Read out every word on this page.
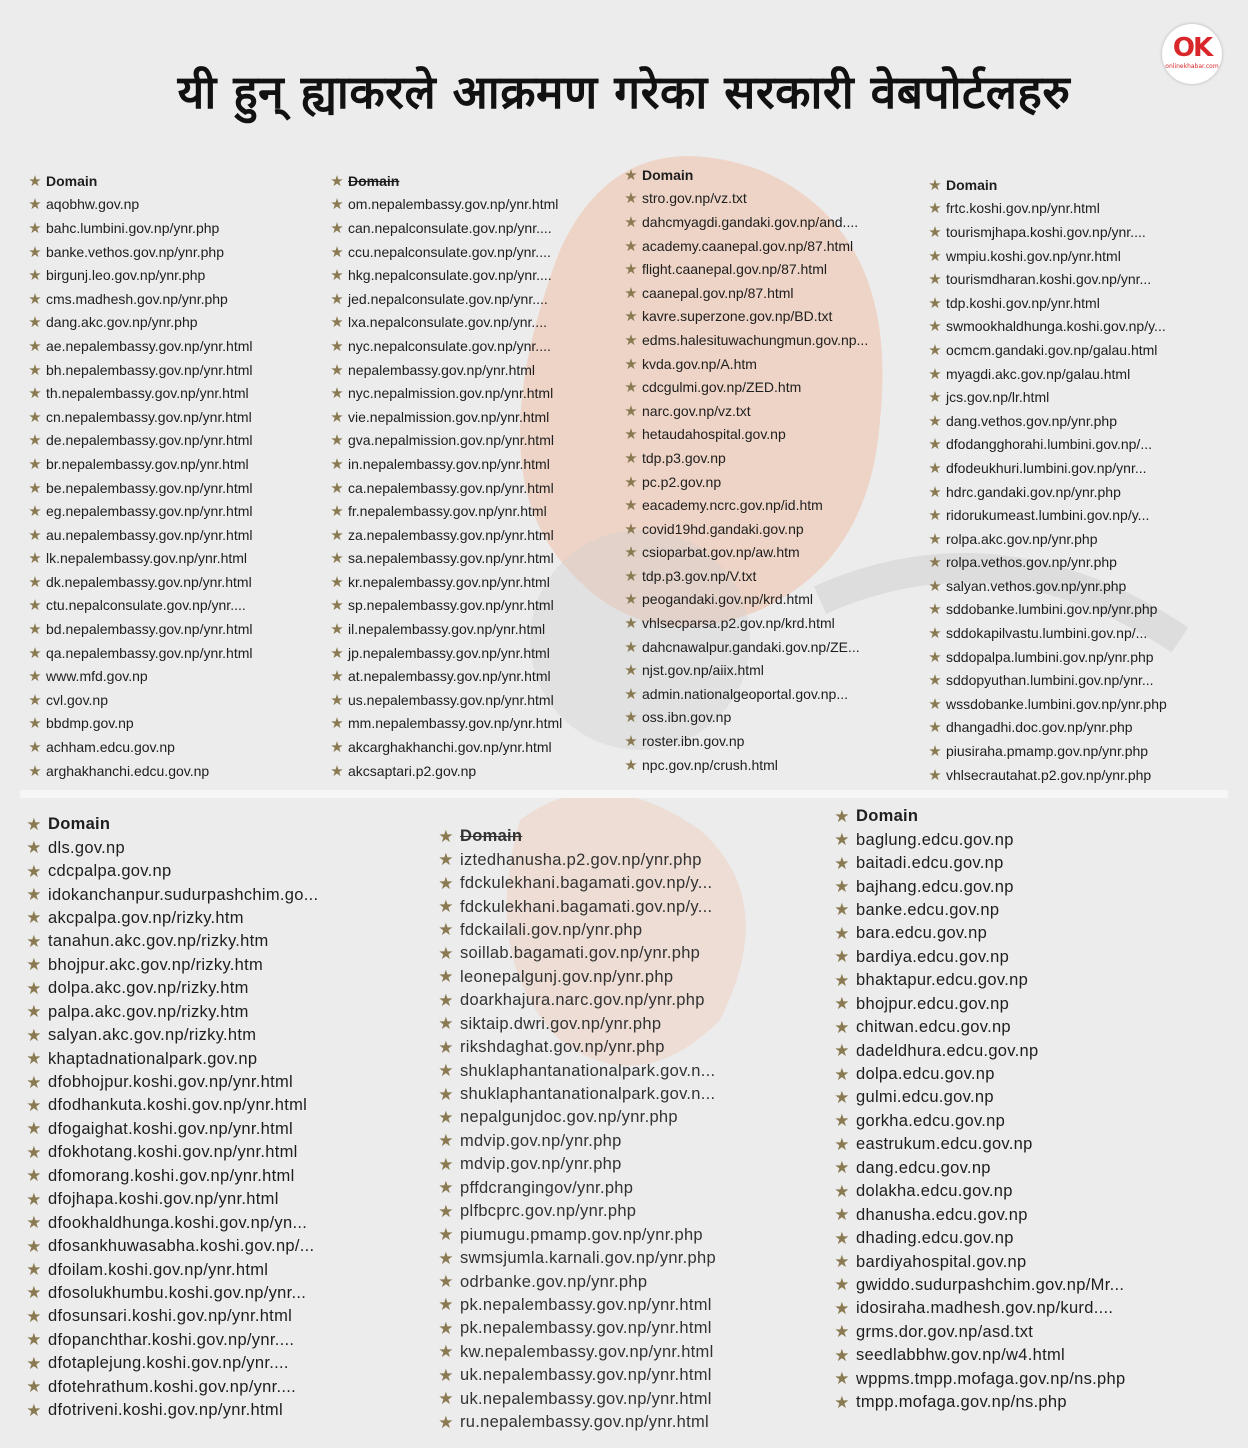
यी हुन् ह्याकरले आक्रमण गरेका सरकारी वेबपोर्टलहरु
OK
onlinekhabar.com
★ Domain
★ aqobhw.gov.np
★ bahc.lumbini.gov.np/ynr.php
★ banke.vethos.gov.np/ynr.php
★ birgunj.leo.gov.np/ynr.php
★ cms.madhesh.gov.np/ynr.php
★ dang.akc.gov.np/ynr.php
★ ae.nepalembassy.gov.np/ynr.html
★ bh.nepalembassy.gov.np/ynr.html
★ th.nepalembassy.gov.np/ynr.html
★ cn.nepalembassy.gov.np/ynr.html
★ de.nepalembassy.gov.np/ynr.html
★ br.nepalembassy.gov.np/ynr.html
★ be.nepalembassy.gov.np/ynr.html
★ eg.nepalembassy.gov.np/ynr.html
★ au.nepalembassy.gov.np/ynr.html
★ lk.nepalembassy.gov.np/ynr.html
★ dk.nepalembassy.gov.np/ynr.html
★ ctu.nepalconsulate.gov.np/ynr....
★ bd.nepalembassy.gov.np/ynr.html
★ qa.nepalembassy.gov.np/ynr.html
★ www.mfd.gov.np
★ cvl.gov.np
★ bbdmp.gov.np
★ achham.edcu.gov.np
★ arghakhanchi.edcu.gov.np
★ Domain
★ om.nepalembassy.gov.np/ynr.html
★ can.nepalconsulate.gov.np/ynr....
★ ccu.nepalconsulate.gov.np/ynr....
★ hkg.nepalconsulate.gov.np/ynr....
★ jed.nepalconsulate.gov.np/ynr....
★ lxa.nepalconsulate.gov.np/ynr....
★ nyc.nepalconsulate.gov.np/ynr....
★ nepalembassy.gov.np/ynr.html
★ nyc.nepalmission.gov.np/ynr.html
★ vie.nepalmission.gov.np/ynr.html
★ gva.nepalmission.gov.np/ynr.html
★ in.nepalembassy.gov.np/ynr.html
★ ca.nepalembassy.gov.np/ynr.html
★ fr.nepalembassy.gov.np/ynr.html
★ za.nepalembassy.gov.np/ynr.html
★ sa.nepalembassy.gov.np/ynr.html
★ kr.nepalembassy.gov.np/ynr.html
★ sp.nepalembassy.gov.np/ynr.html
★ il.nepalembassy.gov.np/ynr.html
★ jp.nepalembassy.gov.np/ynr.html
★ at.nepalembassy.gov.np/ynr.html
★ us.nepalembassy.gov.np/ynr.html
★ mm.nepalembassy.gov.np/ynr.html
★ akcarghakhanchi.gov.np/ynr.html
★ akcsaptari.p2.gov.np
★ Domain
★ stro.gov.np/vz.txt
★ dahcmyagdi.gandaki.gov.np/and....
★ academy.caanepal.gov.np/87.html
★ flight.caanepal.gov.np/87.html
★ caanepal.gov.np/87.html
★ kavre.superzone.gov.np/BD.txt
★ edms.halesituwachungmun.gov.np...
★ kvda.gov.np/A.htm
★ cdcgulmi.gov.np/ZED.htm
★ narc.gov.np/vz.txt
★ hetaudahospital.gov.np
★ tdp.p3.gov.np
★ pc.p2.gov.np
★ eacademy.ncrc.gov.np/id.htm
★ covid19hd.gandaki.gov.np
★ csioparbat.gov.np/aw.htm
★ tdp.p3.gov.np/V.txt
★ peogandaki.gov.np/krd.html
★ vhlsecparsa.p2.gov.np/krd.html
★ dahcnawalpur.gandaki.gov.np/ZE...
★ njst.gov.np/aiix.html
★ admin.nationalgeoportal.gov.np...
★ oss.ibn.gov.np
★ roster.ibn.gov.np
★ npc.gov.np/crush.html
★ Domain
★ frtc.koshi.gov.np/ynr.html
★ tourismjhapa.koshi.gov.np/ynr....
★ wmpiu.koshi.gov.np/ynr.html
★ tourismdharan.koshi.gov.np/ynr...
★ tdp.koshi.gov.np/ynr.html
★ swmookhaldhunga.koshi.gov.np/y...
★ ocmcm.gandaki.gov.np/galau.html
★ myagdi.akc.gov.np/galau.html
★ jcs.gov.np/lr.html
★ dang.vethos.gov.np/ynr.php
★ dfodangghorahi.lumbini.gov.np/...
★ dfodeukhuri.lumbini.gov.np/ynr...
★ hdrc.gandaki.gov.np/ynr.php
★ ridorukumeast.lumbini.gov.np/y...
★ rolpa.akc.gov.np/ynr.php
★ rolpa.vethos.gov.np/ynr.php
★ salyan.vethos.gov.np/ynr.php
★ sddobanke.lumbini.gov.np/ynr.php
★ sddokapilvastu.lumbini.gov.np/...
★ sddopalpa.lumbini.gov.np/ynr.php
★ sddopyuthan.lumbini.gov.np/ynr...
★ wssdobanke.lumbini.gov.np/ynr.php
★ dhangadhi.doc.gov.np/ynr.php
★ piusiraha.pmamp.gov.np/ynr.php
★ vhlsecrautahat.p2.gov.np/ynr.php
★ Domain
★ dls.gov.np
★ cdcpalpa.gov.np
★ idokanchanpur.sudurpashchim.go...
★ akcpalpa.gov.np/rizky.htm
★ tanahun.akc.gov.np/rizky.htm
★ bhojpur.akc.gov.np/rizky.htm
★ dolpa.akc.gov.np/rizky.htm
★ palpa.akc.gov.np/rizky.htm
★ salyan.akc.gov.np/rizky.htm
★ khaptadnationalpark.gov.np
★ dfobhojpur.koshi.gov.np/ynr.html
★ dfodhankuta.koshi.gov.np/ynr.html
★ dfogaighat.koshi.gov.np/ynr.html
★ dfokhotang.koshi.gov.np/ynr.html
★ dfomorang.koshi.gov.np/ynr.html
★ dfojhapa.koshi.gov.np/ynr.html
★ dfookhaldhunga.koshi.gov.np/yn...
★ dfosankhuwasabha.koshi.gov.np/...
★ dfoilam.koshi.gov.np/ynr.html
★ dfosolukhumbu.koshi.gov.np/ynr...
★ dfosunsari.koshi.gov.np/ynr.html
★ dfopanchthar.koshi.gov.np/ynr....
★ dfotaplejung.koshi.gov.np/ynr....
★ dfotehrathum.koshi.gov.np/ynr....
★ dfotriveni.koshi.gov.np/ynr.html
★ Domain
★ iztedhanusha.p2.gov.np/ynr.php
★ fdckulekhani.bagamati.gov.np/y...
★ fdckulekhani.bagamati.gov.np/y...
★ fdckailali.gov.np/ynr.php
★ soillab.bagamati.gov.np/ynr.php
★ leonepalgunj.gov.np/ynr.php
★ doarkhajura.narc.gov.np/ynr.php
★ siktaip.dwri.gov.np/ynr.php
★ rikshdaghat.gov.np/ynr.php
★ shuklaphantanationalpark.gov.n...
★ shuklaphantanationalpark.gov.n...
★ nepalgunjdoc.gov.np/ynr.php
★ mdvip.gov.np/ynr.php
★ mdvip.gov.np/ynr.php
★ pffdcrangingov/ynr.php
★ plfbcprc.gov.np/ynr.php
★ piumugu.pmamp.gov.np/ynr.php
★ swmsjumla.karnali.gov.np/ynr.php
★ odrbanke.gov.np/ynr.php
★ pk.nepalembassy.gov.np/ynr.html
★ pk.nepalembassy.gov.np/ynr.html
★ kw.nepalembassy.gov.np/ynr.html
★ uk.nepalembassy.gov.np/ynr.html
★ uk.nepalembassy.gov.np/ynr.html
★ ru.nepalembassy.gov.np/ynr.html
★ Domain
★ baglung.edcu.gov.np
★ baitadi.edcu.gov.np
★ bajhang.edcu.gov.np
★ banke.edcu.gov.np
★ bara.edcu.gov.np
★ bardiya.edcu.gov.np
★ bhaktapur.edcu.gov.np
★ bhojpur.edcu.gov.np
★ chitwan.edcu.gov.np
★ dadeldhura.edcu.gov.np
★ dolpa.edcu.gov.np
★ gulmi.edcu.gov.np
★ gorkha.edcu.gov.np
★ eastrukum.edcu.gov.np
★ dang.edcu.gov.np
★ dolakha.edcu.gov.np
★ dhanusha.edcu.gov.np
★ dhading.edcu.gov.np
★ bardiyahospital.gov.np
★ gwiddo.sudurpashchim.gov.np/Mr...
★ idosiraha.madhesh.gov.np/kurd....
★ grms.dor.gov.np/asd.txt
★ seedlabbhw.gov.np/w4.html
★ wppms.tmpp.mofaga.gov.np/ns.php
★ tmpp.mofaga.gov.np/ns.php
